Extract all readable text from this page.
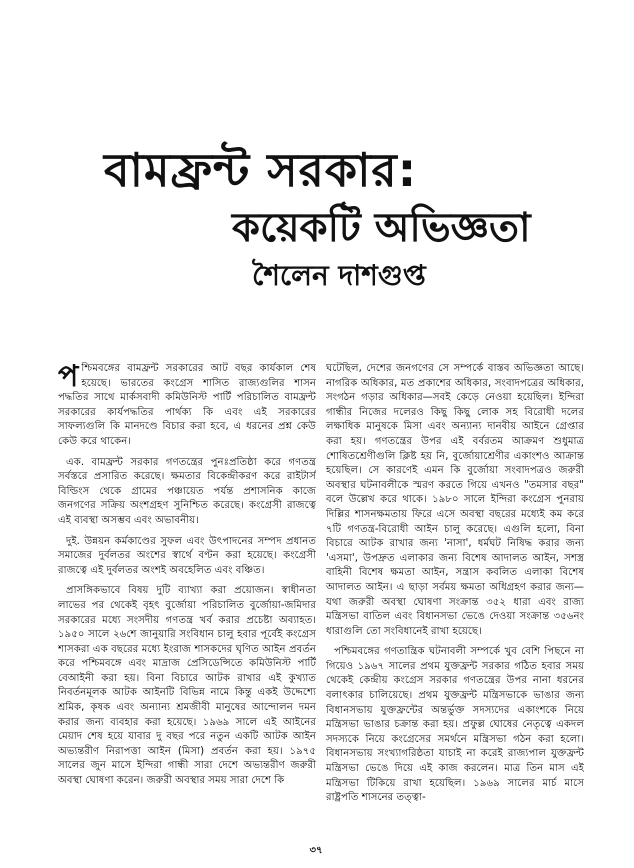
বামফ্রন্ট সরকার:
কয়েকটি অভিজ্ঞতা
শৈলেন দাশগুপ্ত

পশ্চিমবঙ্গের বামফ্রন্ট সরকারের আট বছর কার্যকাল শেষ হয়েছে। ভারতের কংগ্রেস শাসিত রাজ্যগুলির শাসন পদ্ধতির সাথে মার্কসবাদী কমিউনিস্ট পার্টি পরিচালিত বামফ্রন্ট সরকারের কার্যপদ্ধতির পার্থক্য কি এবং এই সরকারের সাফল্যগুলি কি মানদণ্ডে বিচার করা হবে, এ ধরনের প্রশ্ন কেউ কেউ করে থাকেন।

এক. বামফ্রন্ট সরকার গণতন্ত্রের পুনঃপ্রতিষ্ঠা করে গণতন্ত্র সর্বস্তরে প্রসারিত করেছে। ক্ষমতার বিকেন্দ্রীকরণ করে রাইটার্স বিল্ডিংস থেকে গ্রামের পঞ্চায়েত পর্যন্ত প্রশাসনিক কাজে জনগণের সক্রিয় অংশগ্রহণ সুনিশ্চিত করেছে। কংগ্রেসী রাজত্বে এই ব্যবস্থা অসম্ভব এবং অভাবনীয়।

দুই. উন্নয়ন কর্মকাণ্ডের সুফল এবং উৎপাদনের সম্পদ প্রধানত সমাজের দুর্বলতর অংশের স্বার্থে বণ্টন করা হয়েছে। কংগ্রেসী রাজত্বে এই দুর্বলতর অংশই অবহেলিত এবং বঞ্চিত।

প্রাসঙ্গিকভাবে বিষয় দুটি ব্যাখ্যা করা প্রয়োজন। স্বাধীনতা লাভের পর থেকেই বৃহৎ বুর্জোয়া পরিচালিত বুর্জোয়া-জমিদার সরকারের মধ্যে সংসদীয় গণতন্ত্র খর্ব করার প্রচেষ্টা অব্যাহত। ১৯৫০ সালে ২৬শে জানুয়ারি সংবিধান চালু হবার পূর্বেই কংগ্রেস শাসকরা এক বছরের মধ্যে ইংরাজ শাসকদের ঘৃণিত আইন প্রবর্তন করে পশ্চিমবঙ্গে এবং মাদ্রাজ প্রেসিডেন্সিতে কমিউনিস্ট পার্টি বেআইনী করা হয়। বিনা বিচারে আটক রাখার এই কুখ্যাত নিবর্তনমূলক আটক আইনটি বিভিন্ন নামে কিন্তু একই উদ্দেশ্যে শ্রমিক, কৃষক এবং অন্যান্য শ্রমজীবী মানুষের আন্দোলন দমন করার জন্য ব্যবহার করা হয়েছে। ১৯৬৯ সালে এই আইনের মেয়াদ শেষ হয়ে যাবার দু বছর পরে নতুন একটি আটক আইন অভ্যন্তরীণ নিরাপত্তা আইন (মিসা) প্রবর্তন করা হয়। ১৯৭৫ সালের জুন মাসে ইন্দিরা গান্ধী সারা দেশে অভ্যন্তরীণ জরুরী অবস্থা ঘোষণা করেন। জরুরী অবস্থার সময় সারা দেশে কি

ঘটেছিল, দেশের জনগণের সে সম্পর্কে বাস্তব অভিজ্ঞতা আছে। নাগরিক অধিকার, মত প্রকাশের অধিকার, সংবাদপত্রের অধিকার, সংগঠন গড়ার অধিকার—সবই কেড়ে নেওয়া হয়েছিল। ইন্দিরা গান্ধীর নিজের দলেরও কিছু কিছু লোক সহ বিরোধী দলের লক্ষাধিক মানুষকে মিসা এবং অন্যান্য দানবীয় আইনে গ্রেপ্তার করা হয়। গণতন্ত্রের উপর এই বর্বরতম আক্রমণ শুধুমাত্র শোষিতশ্রেণীগুলি ক্লিষ্ট হয় নি, বুর্জোয়াশ্রেণীর একাংশও আক্রান্ত হয়েছিল। সে কারণেই এমন কি বুর্জোয়া সংবাদপত্রও জরুরী অবস্থার ঘটনাবলীকে স্মরণ করতে গিয়ে এখনও "তমসার বছর" বলে উল্লেখ করে থাকে। ১৯৮০ সালে ইন্দিরা কংগ্রেস পুনরায় দিল্লির শাসনক্ষমতায় ফিরে এসে অবস্থা বছরের মধ্যেই কম করে ৭টি গণতন্ত্র-বিরোধী আইন চালু করেছে। এগুলি হলো, বিনা বিচারে আটক রাখার জন্য 'নাসা', ধর্মঘট নিষিদ্ধ করার জন্য 'এসমা', উপদ্রুত এলাকার জন্য বিশেষ আদালত আইন, সশস্ত্র বাহিনী বিশেষ ক্ষমতা আইন, সন্ত্রাস কবলিত এলাকা বিশেষ আদালত আইন। এ ছাড়া সর্বময় ক্ষমতা অধিগ্রহণ করার জন্য—যথা জরুরী অবস্থা ঘোষণা সংক্রান্ত ৩৫২ ধারা এবং রাজ্য মন্ত্রিসভা বাতিল এবং বিধানসভা ভেঙে দেওয়া সংক্রান্ত ৩৫৬নং ধারাগুলি তো সংবিধানেই রাখা হয়েছে।

পশ্চিমবঙ্গের গণতান্ত্রিক ঘটনাবলী সম্পর্কে খুব বেশি পিছনে না গিয়েও ১৯৬৭ সালের প্রথম যুক্তফ্রন্ট সরকার গঠিত হবার সময় থেকেই কেন্দ্রীয় কংগ্রেস সরকার গণতন্ত্রের উপর নানা ধরনের বলাৎকার চালিয়েছে। প্রথম যুক্তফ্রন্ট মন্ত্রিসভাকে ভাঙার জন্য বিধানসভায় যুক্তফ্রন্টের অন্তর্ভুক্ত সদস্যদের একাংশকে নিয়ে মন্ত্রিসভা ভাঙার চক্রান্ত করা হয়। প্রফুল্ল ঘোষের নেতৃত্বে একদল সদস্যকে নিয়ে কংগ্রেসের সমর্থনে মন্ত্রিসভা গঠন করা হলো। বিধানসভায় সংখ্যাগরিষ্ঠতা যাচাই না করেই রাজ্যপাল যুক্তফ্রন্ট মন্ত্রিসভা ভেঙে দিয়ে এই কাজ করলেন। মাত্র তিন মাস এই মন্ত্রিসভা টিকিয়ে রাখা হয়েছিল। ১৯৬৯ সালের মার্চ মাসে রাষ্ট্রপতি শাসনের তত্ত্বা-

৩৭
